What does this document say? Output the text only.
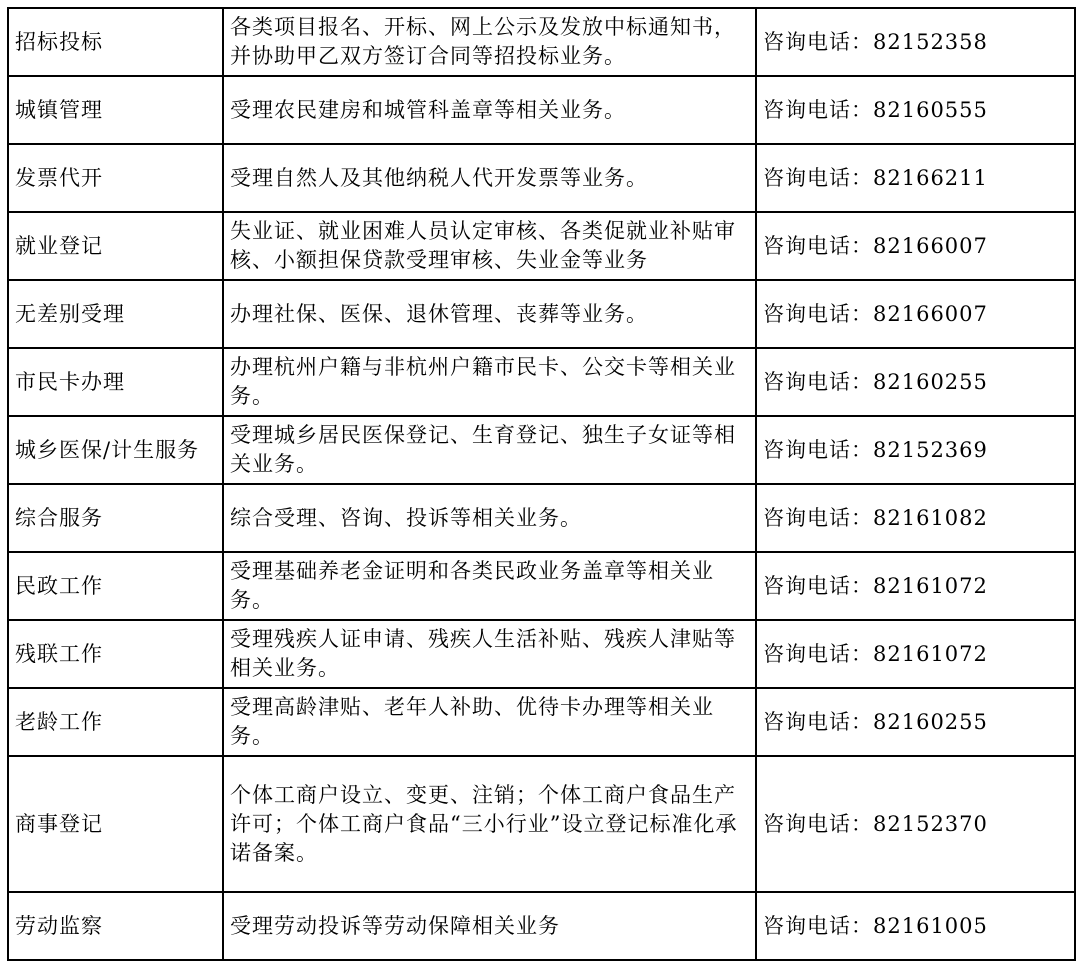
招标投标	各类项目报名、开标、网上公示及发放中标通知书，并协助甲乙双方签订合同等招投标业务。	咨询电话：82152358
城镇管理	受理农民建房和城管科盖章等相关业务。	咨询电话：82160555
发票代开	受理自然人及其他纳税人代开发票等业务。	咨询电话：82166211
就业登记	失业证、就业困难人员认定审核、各类促就业补贴审核、小额担保贷款受理审核、失业金等业务	咨询电话：82166007
无差别受理	办理社保、医保、退休管理、丧葬等业务。	咨询电话：82166007
市民卡办理	办理杭州户籍与非杭州户籍市民卡、公交卡等相关业务。	咨询电话：82160255
城乡医保/计生服务	受理城乡居民医保登记、生育登记、独生子女证等相关业务。	咨询电话：82152369
综合服务	综合受理、咨询、投诉等相关业务。	咨询电话：82161082
民政工作	受理基础养老金证明和各类民政业务盖章等相关业务。	咨询电话：82161072
残联工作	受理残疾人证申请、残疾人生活补贴、残疾人津贴等相关业务。	咨询电话：82161072
老龄工作	受理高龄津贴、老年人补助、优待卡办理等相关业务。	咨询电话：82160255
商事登记	个体工商户设立、变更、注销；个体工商户食品生产许可；个体工商户食品“三小行业”设立登记标准化承诺备案。	咨询电话：82152370
劳动监察	受理劳动投诉等劳动保障相关业务	咨询电话：82161005
